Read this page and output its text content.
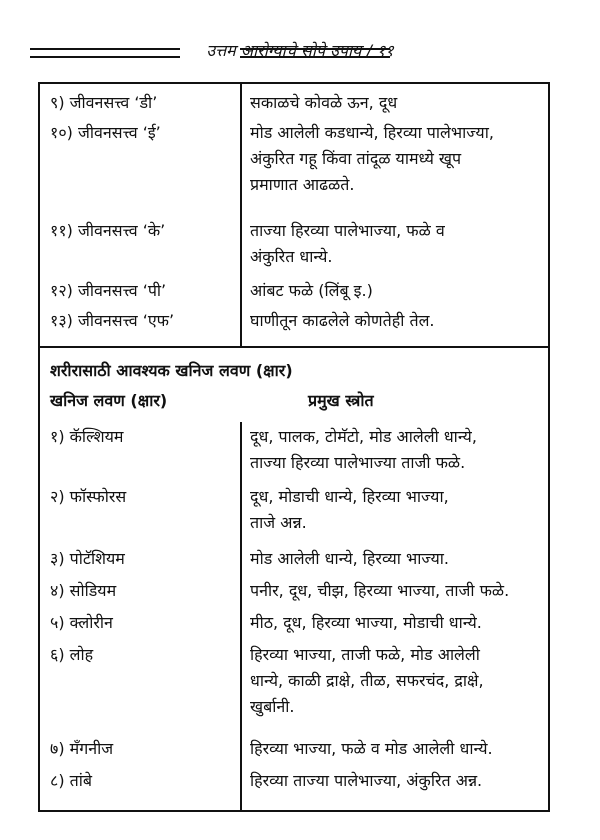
उत्तम आरोग्याचे सोपे उपाय / ११
९) जीवनसत्त्व ‘डी’	सकाळचे कोवळे ऊन, दूध
१०) जीवनसत्त्व ‘ई’	मोड आलेली कडधान्ये, हिरव्या पालेभाज्या,
अंकुरित गहू किंवा तांदूळ यामध्ये खूप
प्रमाणात आढळते.
११) जीवनसत्त्व ‘के’	ताज्या हिरव्या पालेभाज्या, फळे व
अंकुरित धान्ये.
१२) जीवनसत्त्व ‘पी’	आंबट फळे (लिंबू इ.)
१३) जीवनसत्त्व ‘एफ’	घाणीतून काढलेले कोणतेही तेल.
शरीरासाठी आवश्यक खनिज लवण (क्षार)
खनिज लवण (क्षार)	प्रमुख स्त्रोत
१) कॅल्शियम	दूध, पालक, टोमॅटो, मोड आलेली धान्ये,
ताज्या हिरव्या पालेभाज्या ताजी फळे.
२) फॉस्फोरस	दूध, मोडाची धान्ये, हिरव्या भाज्या,
ताजे अन्न.
३) पोटॅशियम	मोड आलेली धान्ये, हिरव्या भाज्या.
४) सोडियम	पनीर, दूध, चीझ, हिरव्या भाज्या, ताजी फळे.
५) क्लोरीन	मीठ, दूध, हिरव्या भाज्या, मोडाची धान्ये.
६) लोह	हिरव्या भाज्या, ताजी फळे, मोड आलेली
धान्ये, काळी द्राक्षे, तीळ, सफरचंद, द्राक्षे,
खुर्बानी.
७) मँगनीज	हिरव्या भाज्या, फळे व मोड आलेली धान्ये.
८) तांबे	हिरव्या ताज्या पालेभाज्या, अंकुरित अन्न.
